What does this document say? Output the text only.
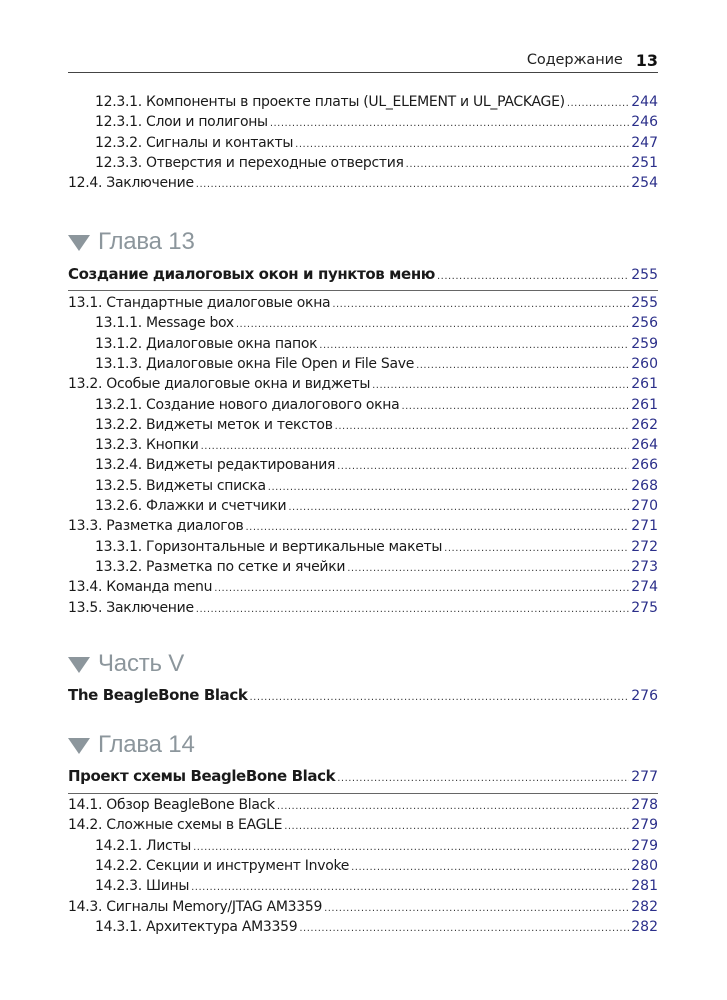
Содержание 13
12.3.1. Компоненты в проекте платы (UL_ELEMENT и UL_PACKAGE) .....	244
12.3.1. Слои и полигоны .....	246
12.3.2. Сигналы и контакты .....	247
12.3.3. Отверстия и переходные отверстия .....	251
12.4. Заключение .....	254
Создание диалоговых окон и пунктов меню .....	255
13.1. Стандартные диалоговые окна .....	255
13.1.1. Message box .....	256
13.1.2. Диалоговые окна папок .....	259
13.1.3. Диалоговые окна File Open и File Save .....	260
13.2. Особые диалоговые окна и виджеты .....	261
13.2.1. Создание нового диалогового окна .....	261
13.2.2. Виджеты меток и текстов .....	262
13.2.3. Кнопки .....	264
13.2.4. Виджеты редактирования .....	266
13.2.5. Виджеты списка .....	268
13.2.6. Флажки и счетчики .....	270
13.3. Разметка диалогов .....	271
13.3.1. Горизонтальные и вертикальные макеты .....	272
13.3.2. Разметка по сетке и ячейки .....	273
13.4. Команда menu .....	274
13.5. Заключение .....	275
The BeagleBone Black .....	276
Проект схемы BeagleBone Black .....	277
14.1. Обзор BeagleBone Black .....	278
14.2. Сложные схемы в EAGLE .....	279
14.2.1. Листы .....	279
14.2.2. Секции и инструмент Invoke .....	280
14.2.3. Шины .....	281
14.3. Сигналы Memory/JTAG AM3359 .....	282
14.3.1. Архитектура AM3359 .....	282
Глава 13
Часть V
Глава 14
